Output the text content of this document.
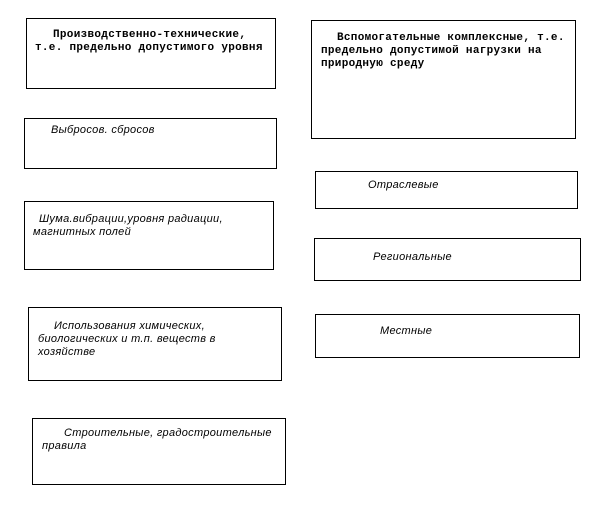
Производственно-технические, т.е. предельно допустимого уровня
Выбросов. сбросов
Шума.вибрации,уровня радиации, магнитных полей
Использования химических, биологических и т.п. веществ в хозяйстве
Строительные, градостроительные правила
Вспомогательные комплексные, т.е. предельно допустимой нагрузки на природную среду
Отраслевые
Региональные
Местные
